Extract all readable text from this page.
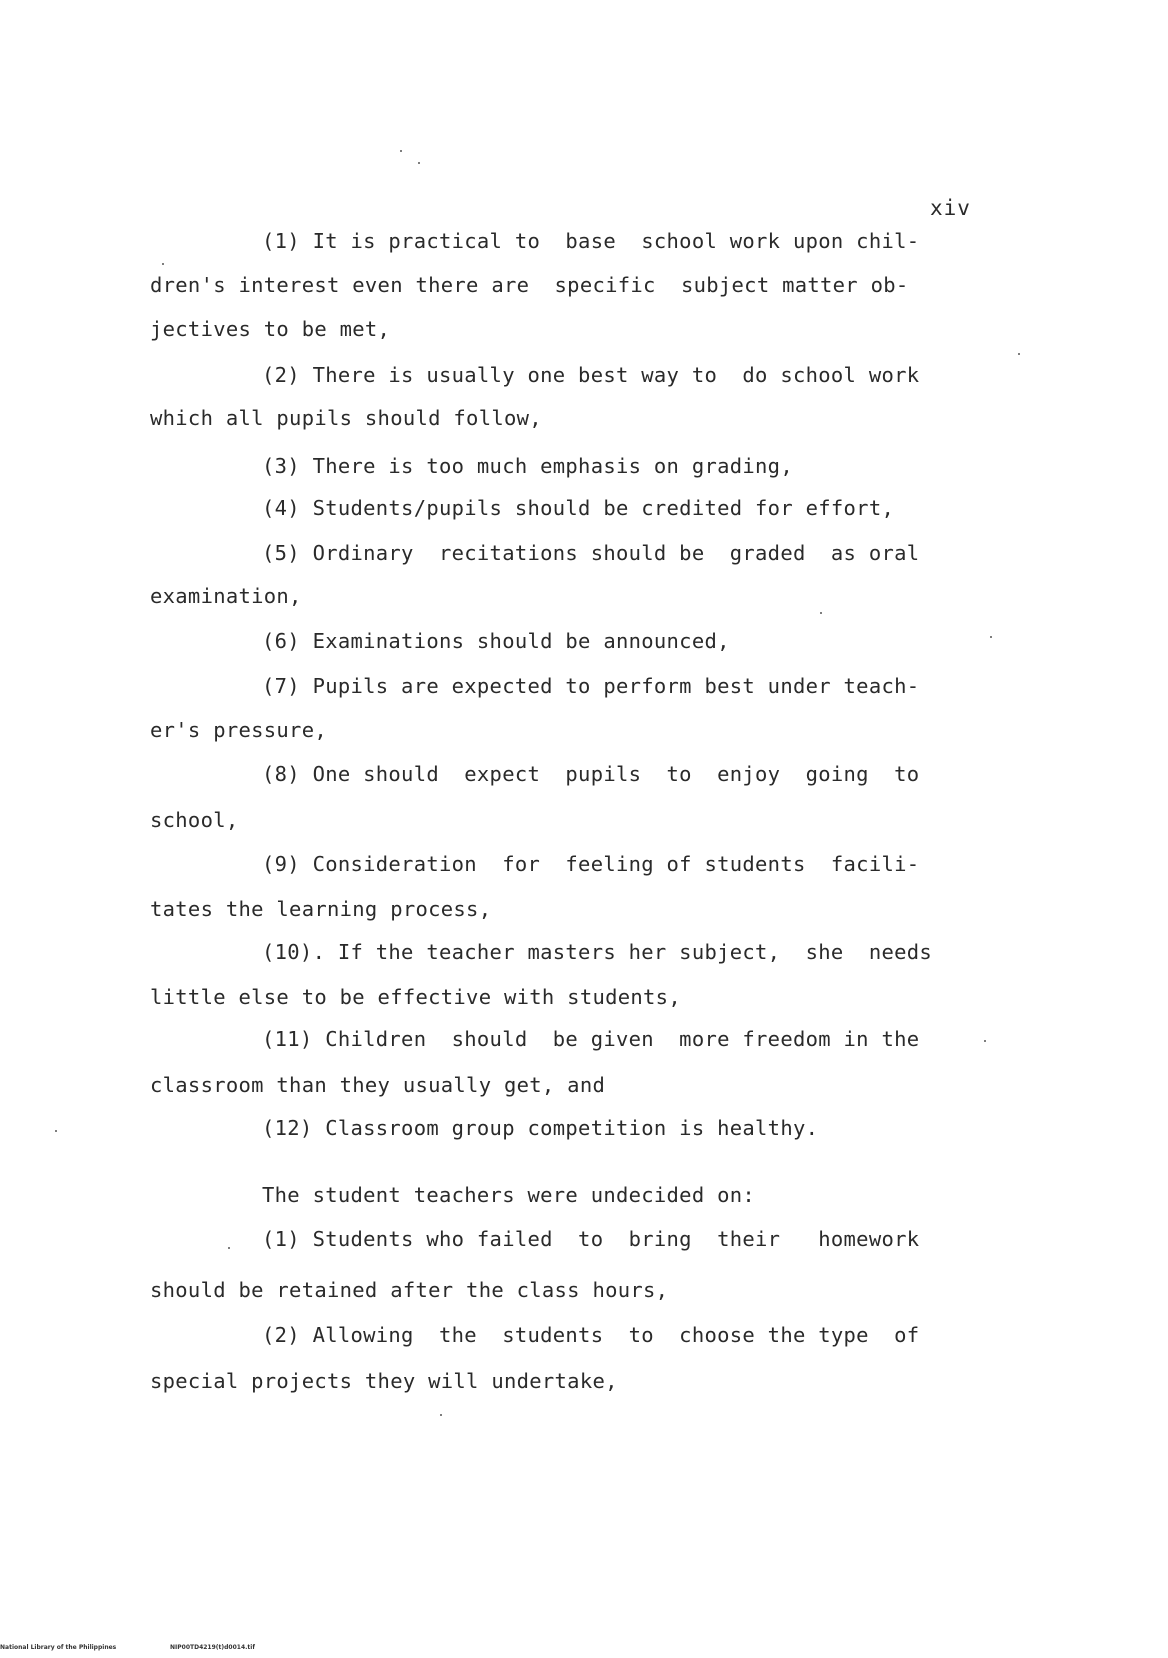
xiv
(1) It is practical to  base  school work upon chil-
dren's interest even there are  specific  subject matter ob-
jectives to be met,
(2) There is usually one best way to  do school work
which all pupils should follow,
(3) There is too much emphasis on grading,
(4) Students/pupils should be credited for effort,
(5) Ordinary  recitations should be  graded  as oral
examination,
(6) Examinations should be announced,
(7) Pupils are expected to perform best under teach-
er's pressure,
(8) One should  expect  pupils  to  enjoy  going  to
school,
(9) Consideration  for  feeling of students  facili-
tates the learning process,
(10). If the teacher masters her subject,  she  needs
little else to be effective with students,
(11) Children  should  be given  more freedom in the
classroom than they usually get, and
(12) Classroom group competition is healthy.
The student teachers were undecided on:
(1) Students who failed  to  bring  their   homework
should be retained after the class hours,
(2) Allowing  the  students  to  choose the type  of
special projects they will undertake,
National Library of the Philippines	NIP00TD4219(t)d0014.tif
